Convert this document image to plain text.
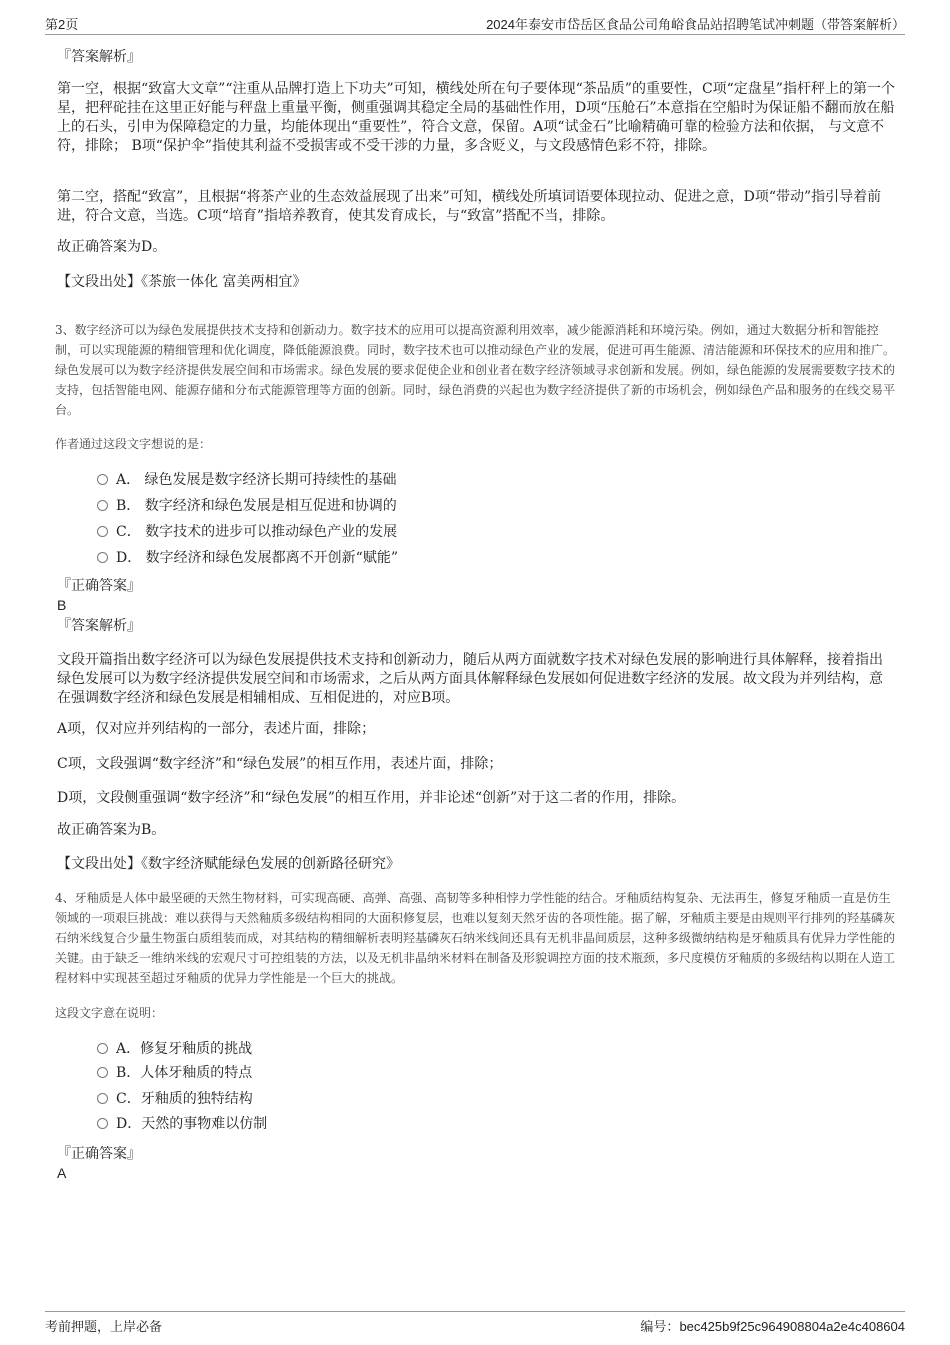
第2页	2024年泰安市岱岳区食品公司角峪食品站招聘笔试冲刺题（带答案解析）
『答案解析』
第一空，根据“致富大文章”“注重从品牌打造上下功夫”可知，横线处所在句子要体现“茶品质”的重要性，C项“定盘星”指杆秤上的第一个星，把秤砣挂在这里正好能与秤盘上重量平衡，侧重强调其稳定全局的基础性作用，D项“压舱石”本意指在空船时为保证船不翻而放在船上的石头，引申为保障稳定的力量，均能体现出“重要性”，符合文意，保留。A项“试金石”比喻精确可靠的检验方法和依据， 与文意不符，排除； B项“保护伞”指使其利益不受损害或不受干涉的力量，多含贬义，与文段感情色彩不符，排除。
第二空，搭配“致富”，且根据“将茶产业的生态效益展现了出来”可知，横线处所填词语要体现拉动、促进之意，D项“带动”指引导着前进，符合文意，当选。C项“培育”指培养教育，使其发育成长，与“致富”搭配不当，排除。
故正确答案为D。
【文段出处】《茶旅一体化 富美两相宜》
3、数字经济可以为绿色发展提供技术支持和创新动力。数字技术的应用可以提高资源利用效率，减少能源消耗和环境污染。例如，通过大数据分析和智能控制，可以实现能源的精细管理和优化调度，降低能源浪费。同时，数字技术也可以推动绿色产业的发展，促进可再生能源、清洁能源和环保技术的应用和推广。绿色发展可以为数字经济提供发展空间和市场需求。绿色发展的要求促使企业和创业者在数字经济领域寻求创新和发展。例如，绿色能源的发展需要数字技术的支持，包括智能电网、能源存储和分布式能源管理等方面的创新。同时，绿色消费的兴起也为数字经济提供了新的市场机会，例如绿色产品和服务的在线交易平台。
作者通过这段文字想说的是：
A． 绿色发展是数字经济长期可持续性的基础
B． 数字经济和绿色发展是相互促进和协调的
C． 数字技术的进步可以推动绿色产业的发展
D． 数字经济和绿色发展都离不开创新“赋能”
『正确答案』
B
『答案解析』
文段开篇指出数字经济可以为绿色发展提供技术支持和创新动力，随后从两方面就数字技术对绿色发展的影响进行具体解释，接着指出绿色发展可以为数字经济提供发展空间和市场需求，之后从两方面具体解释绿色发展如何促进数字经济的发展。故文段为并列结构，意在强调数字经济和绿色发展是相辅相成、互相促进的，对应B项。
A项，仅对应并列结构的一部分，表述片面，排除；
C项，文段强调“数字经济”和“绿色发展”的相互作用，表述片面，排除；
D项，文段侧重强调“数字经济”和“绿色发展”的相互作用，并非论述“创新”对于这二者的作用，排除。
故正确答案为B。
【文段出处】《数字经济赋能绿色发展的创新路径研究》
4、牙釉质是人体中最坚硬的天然生物材料，可实现高硬、高弹、高强、高韧等多种相悖力学性能的结合。牙釉质结构复杂、无法再生，修复牙釉质一直是仿生领域的一项艰巨挑战：难以获得与天然釉质多级结构相同的大面积修复层，也难以复刻天然牙齿的各项性能。据了解，牙釉质主要是由规则平行排列的羟基磷灰石纳米线复合少量生物蛋白质组装而成，对其结构的精细解析表明羟基磷灰石纳米线间还具有无机非晶间质层，这种多级微纳结构是牙釉质具有优异力学性能的关键。由于缺乏一维纳米线的宏观尺寸可控组装的方法，以及无机非晶纳米材料在制备及形貌调控方面的技术瓶颈，多尺度模仿牙釉质的多级结构以期在人造工程材料中实现甚至超过牙釉质的优异力学性能是一个巨大的挑战。
这段文字意在说明：
A．修复牙釉质的挑战
B．人体牙釉质的特点
C．牙釉质的独特结构
D．天然的事物难以仿制
『正确答案』
A
考前押题，上岸必备	编号：bec425b9f25c964908804a2e4c408604
